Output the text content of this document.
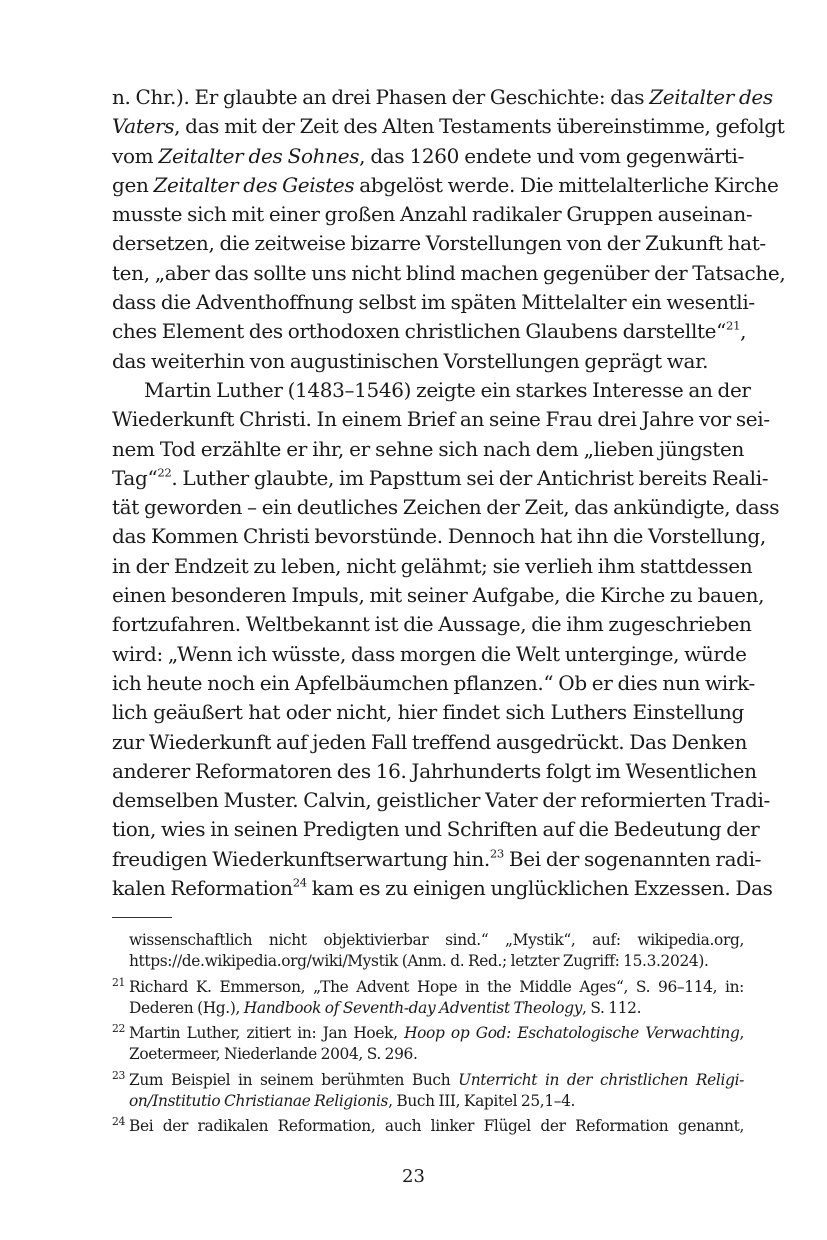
n. Chr.). Er glaubte an drei Phasen der Geschichte: das Zeitalter des
Vaters, das mit der Zeit des Alten Testaments übereinstimme, gefolgt
vom Zeitalter des Sohnes, das 1260 endete und vom gegenwärti-
gen Zeitalter des Geistes abgelöst werde. Die mittelalterliche Kirche
musste sich mit einer großen Anzahl radikaler Gruppen auseinan-
dersetzen, die zeitweise bizarre Vorstellungen von der Zukunft hat-
ten, „aber das sollte uns nicht blind machen gegenüber der Tatsache,
dass die Adventhoffnung selbst im späten Mittelalter ein wesentli-
ches Element des orthodoxen christlichen Glaubens darstellte“$^{21}$,
das weiterhin von augustinischen Vorstellungen geprägt war.
Martin Luther (1483–1546) zeigte ein starkes Interesse an der
Wiederkunft Christi. In einem Brief an seine Frau drei Jahre vor sei-
nem Tod erzählte er ihr, er sehne sich nach dem „lieben jüngsten
Tag“$^{22}$. Luther glaubte, im Papsttum sei der Antichrist bereits Reali-
tät geworden – ein deutliches Zeichen der Zeit, das ankündigte, dass
das Kommen Christi bevorstünde. Dennoch hat ihn die Vorstellung,
in der Endzeit zu leben, nicht gelähmt; sie verlieh ihm stattdessen
einen besonderen Impuls, mit seiner Aufgabe, die Kirche zu bauen,
fortzufahren. Weltbekannt ist die Aussage, die ihm zugeschrieben
wird: „Wenn ich wüsste, dass morgen die Welt unterginge, würde
ich heute noch ein Apfelbäumchen pflanzen.“ Ob er dies nun wirk-
lich geäußert hat oder nicht, hier findet sich Luthers Einstellung
zur Wiederkunft auf jeden Fall treffend ausgedrückt. Das Denken
anderer Reformatoren des 16. Jahrhunderts folgt im Wesentlichen
demselben Muster. Calvin, geistlicher Vater der reformierten Tradi-
tion, wies in seinen Predigten und Schriften auf die Bedeutung der
freudigen Wiederkunftserwartung hin.$^{23}$ Bei der sogenannten radi-
kalen Reformation$^{24}$ kam es zu einigen unglücklichen Exzessen. Das
wissenschaftlich nicht objektivierbar sind.“ „Mystik“, auf: wikipedia.org,
https://de.wikipedia.org/wiki/Mystik (Anm. d. Red.; letzter Zugriff: 15.3.2024).
$^{21}$ Richard K. Emmerson, „The Advent Hope in the Middle Ages“, S. 96–114, in:
Dederen (Hg.), Handbook of Seventh-day Adventist Theology, S. 112.
$^{22}$ Martin Luther, zitiert in: Jan Hoek, Hoop op God: Eschatologische Verwachting,
Zoetermeer, Niederlande 2004, S. 296.
$^{23}$ Zum Beispiel in seinem berühmten Buch Unterricht in der christlichen Religi-
on/Institutio Christianae Religionis, Buch III, Kapitel 25,1–4.
$^{24}$ Bei der radikalen Reformation, auch linker Flügel der Reformation genannt,
23
